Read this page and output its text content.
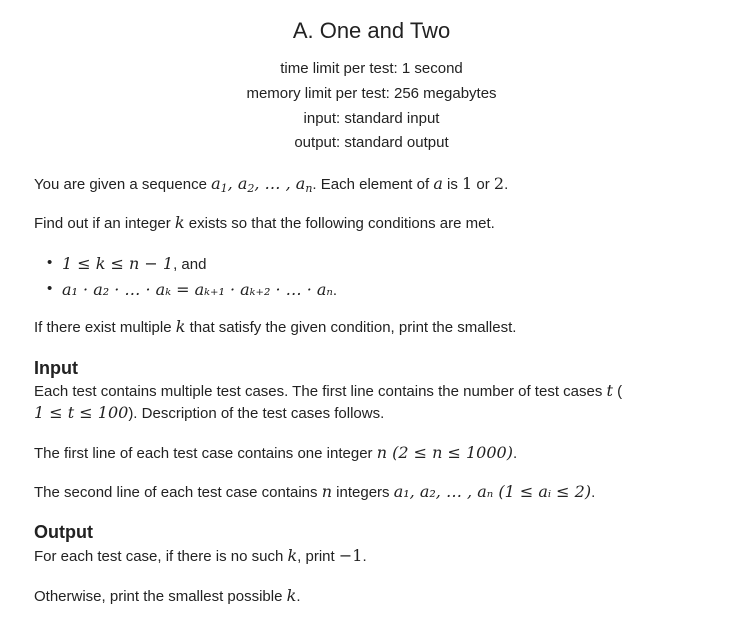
A. One and Two
time limit per test: 1 second
memory limit per test: 256 megabytes
input: standard input
output: standard output
You are given a sequence $a_1$, $a_2$, … , $a_n$. Each element of a is 1 or 2.
Find out if an integer k exists so that the following conditions are met.
• 1 ≤ k ≤ n − 1, and
• a₁ · a₂ · … · aₖ = aₖ₊₁ · aₖ₊₂ · … · aₙ.
If there exist multiple k that satisfy the given condition, print the smallest.
Input
Each test contains multiple test cases. The first line contains the number of test cases t (
1 ≤ t ≤ 100). Description of the test cases follows.
The first line of each test case contains one integer n (2 ≤ n ≤ 1000).
The second line of each test case contains n integers a₁, a₂, … , aₙ (1 ≤ aᵢ ≤ 2).
Output
For each test case, if there is no such k, print −1.
Otherwise, print the smallest possible k.
